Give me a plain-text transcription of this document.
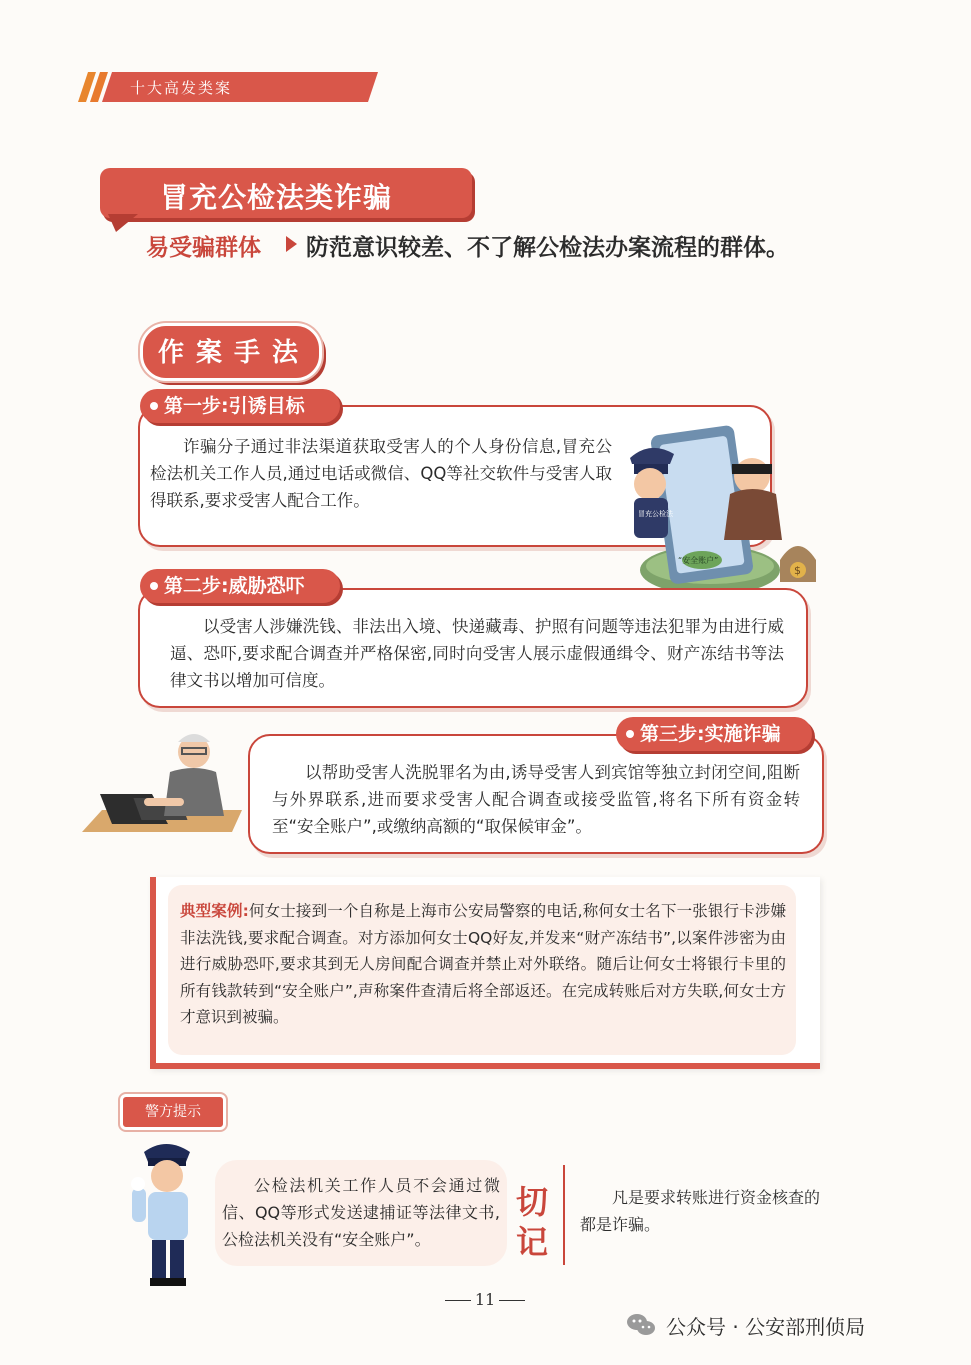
十大高发类案
冒充公检法类诈骗
易受骗群体 防范意识较差、不了解公检法办案流程的群体。
作案手法
第一步:引诱目标
诈骗分子通过非法渠道获取受害人的个人身份信息,冒充公检法机关工作人员,通过电话或微信、QQ等社交软件与受害人取得联系,要求受害人配合工作。
冒充公检法
“安全账户”
$
第二步:威胁恐吓
以受害人涉嫌洗钱、非法出入境、快递藏毒、护照有问题等违法犯罪为由进行威逼、恐吓,要求配合调查并严格保密,同时向受害人展示虚假通缉令、财产冻结书等法律文书以增加可信度。
第三步:实施诈骗
以帮助受害人洗脱罪名为由,诱导受害人到宾馆等独立封闭空间,阻断与外界联系,进而要求受害人配合调查或接受监管,将名下所有资金转至“安全账户”,或缴纳高额的“取保候审金”。
典型案例:何女士接到一个自称是上海市公安局警察的电话,称何女士名下一张银行卡涉嫌非法洗钱,要求配合调查。对方添加何女士QQ好友,并发来“财产冻结书”,以案件涉密为由进行威胁恐吓,要求其到无人房间配合调查并禁止对外联络。随后让何女士将银行卡里的所有钱款转到“安全账户”,声称案件查清后将全部返还。在完成转账后对方失联,何女士方才意识到被骗。
警方提示
公检法机关工作人员不会通过微信、QQ等形式发送逮捕证等法律文书,公检法机关没有“安全账户”。
切记
凡是要求转账进行资金核查的都是诈骗。
11
公众号 · 公安部刑侦局
